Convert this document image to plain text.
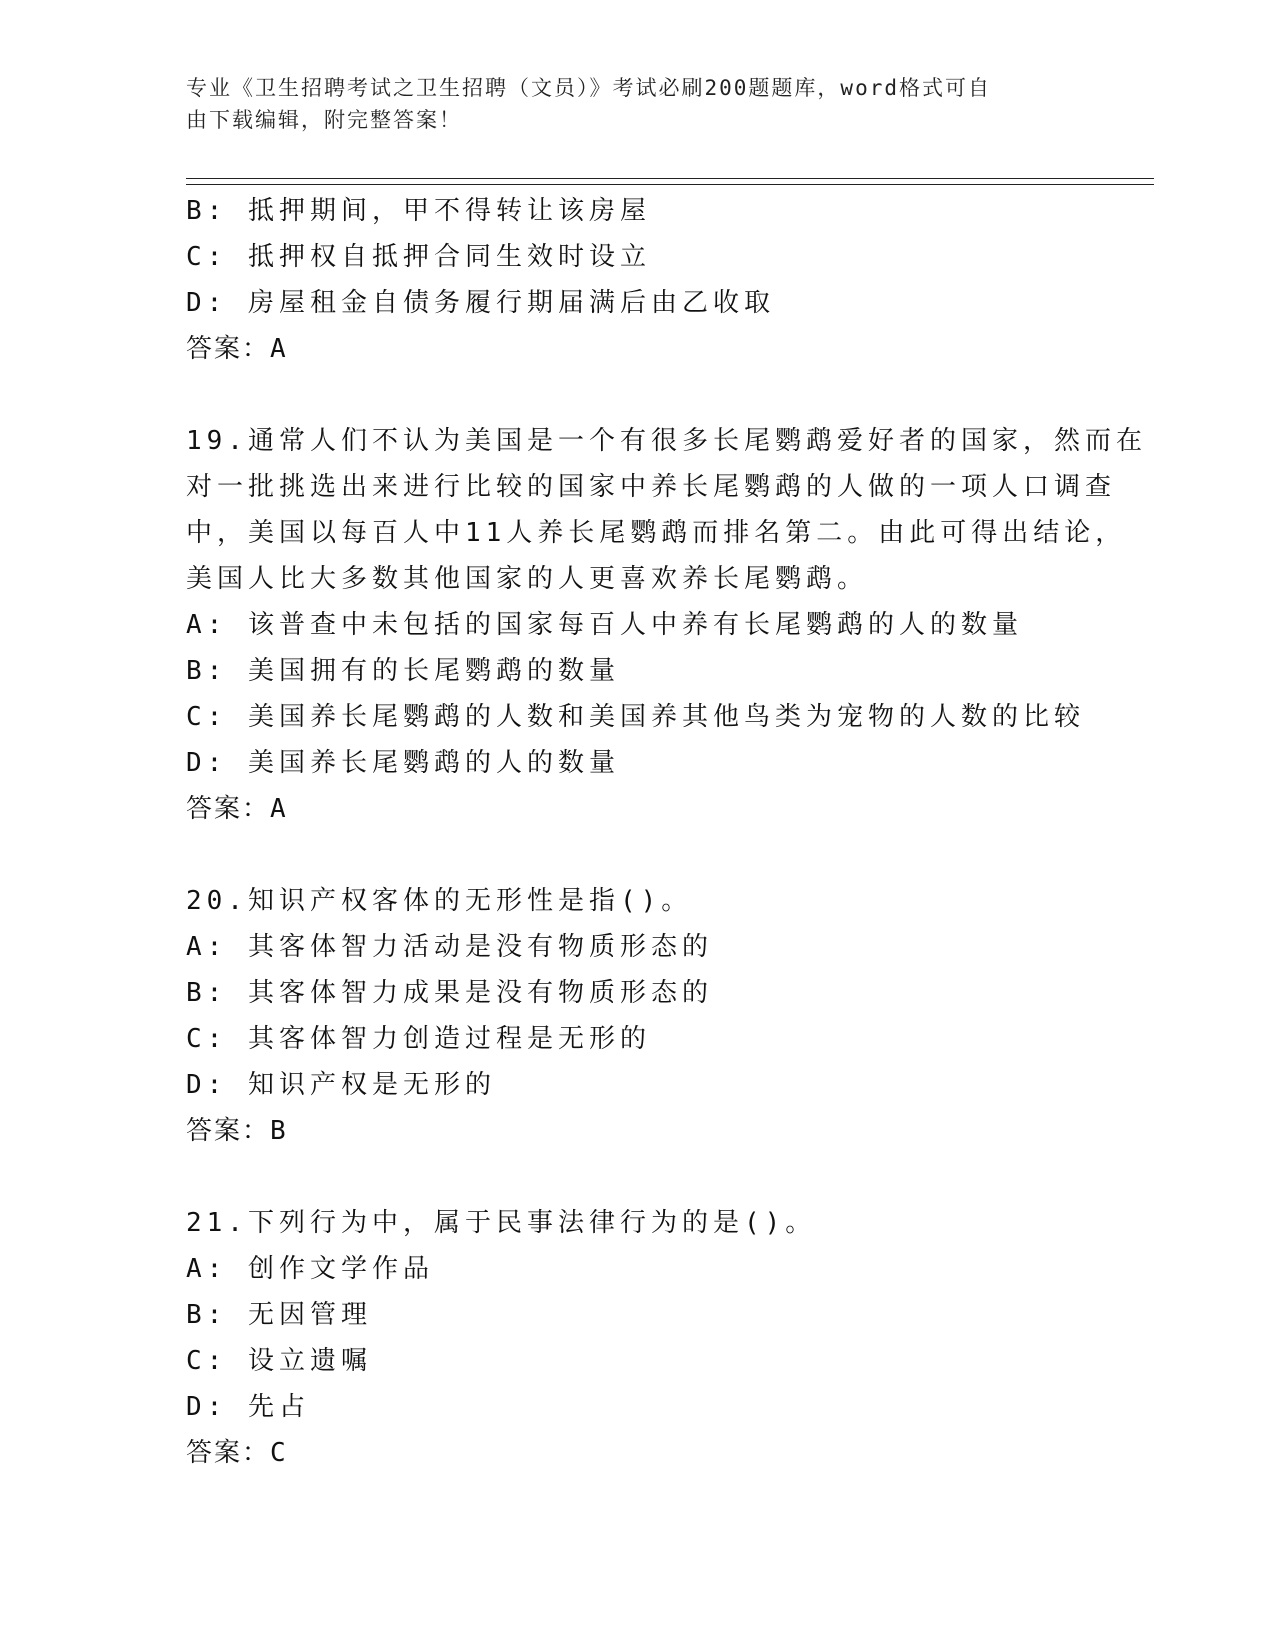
专业《卫生招聘考试之卫生招聘（文员）》考试必刷200题题库，word格式可自
由下载编辑，附完整答案！
B: 抵押期间，甲不得转让该房屋
C: 抵押权自抵押合同生效时设立
D: 房屋租金自债务履行期届满后由乙收取
答案：A
19.通常人们不认为美国是一个有很多长尾鹦鹉爱好者的国家，然而在
对一批挑选出来进行比较的国家中养长尾鹦鹉的人做的一项人口调查
中，美国以每百人中11人养长尾鹦鹉而排名第二。由此可得出结论，
美国人比大多数其他国家的人更喜欢养长尾鹦鹉。
A: 该普查中未包括的国家每百人中养有长尾鹦鹉的人的数量
B: 美国拥有的长尾鹦鹉的数量
C: 美国养长尾鹦鹉的人数和美国养其他鸟类为宠物的人数的比较
D: 美国养长尾鹦鹉的人的数量
答案：A
20.知识产权客体的无形性是指()。
A: 其客体智力活动是没有物质形态的
B: 其客体智力成果是没有物质形态的
C: 其客体智力创造过程是无形的
D: 知识产权是无形的
答案：B
21.下列行为中，属于民事法律行为的是()。
A: 创作文学作品
B: 无因管理
C: 设立遗嘱
D: 先占
答案：C
